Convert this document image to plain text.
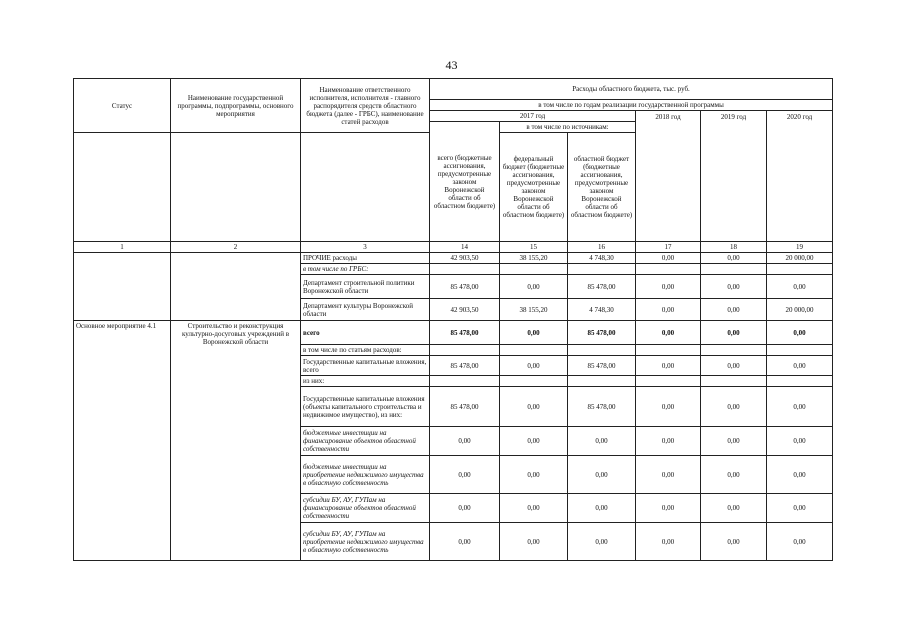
43
Статус	Наименование государственной программы, подпрограммы, основного мероприятия	Наименование ответственного исполнителя, исполнителя - главного распорядителя средств областного бюджета (далее - ГРБС), наименование статей расходов	Расходы областного бюджета, тыс. руб.					
			в том числе по годам реализации государственной программы					
			2017 год			2018 год	2019 год	2020 год
			всего (бюджетные ассигнования, предусмотренные законом Воронежской области об областном бюджете)	в том числе по источникам:				
				федеральный бюджет (бюджетные ассигнования, предусмотренные законом Воронежской области об областном бюджете)	областной бюджет (бюджетные ассигнования, предусмотренные законом Воронежской области об областном бюджете)			
1	2	3	14	15	16	17	18	19
		ПРОЧИЕ расходы	42 903,50	38 155,20	4 748,30	0,00	0,00	20 000,00
		в том числе по ГРБС:						
		Департамент строительной политики Воронежской области	85 478,00	0,00	85 478,00	0,00	0,00	0,00
		Департамент культуры Воронежской области	42 903,50	38 155,20	4 748,30	0,00	0,00	20 000,00
Основное мероприятие 4.1	Строительство и реконструкция культурно-досуговых учреждений в Воронежской области	всего	85 478,00	0,00	85 478,00	0,00	0,00	0,00
		в том числе по статьям расходов:						
		Государственные капитальные вложения, всего	85 478,00	0,00	85 478,00	0,00	0,00	0,00
		из них:						
		Государственные капитальные вложения (объекты капитального строительства и недвижимое имущество), из них:	85 478,00	0,00	85 478,00	0,00	0,00	0,00
		бюджетные инвестиции на финансирование объектов областной собственности	0,00	0,00	0,00	0,00	0,00	0,00
		бюджетные инвестиции на приобретение недвижимого имущества в областную собственность	0,00	0,00	0,00	0,00	0,00	0,00
		субсидии БУ, АУ, ГУПам на финансирование объектов областной собственности	0,00	0,00	0,00	0,00	0,00	0,00
		субсидии БУ, АУ, ГУПам на приобретение недвижимого имущества в областную собственность	0,00	0,00	0,00	0,00	0,00	0,00
